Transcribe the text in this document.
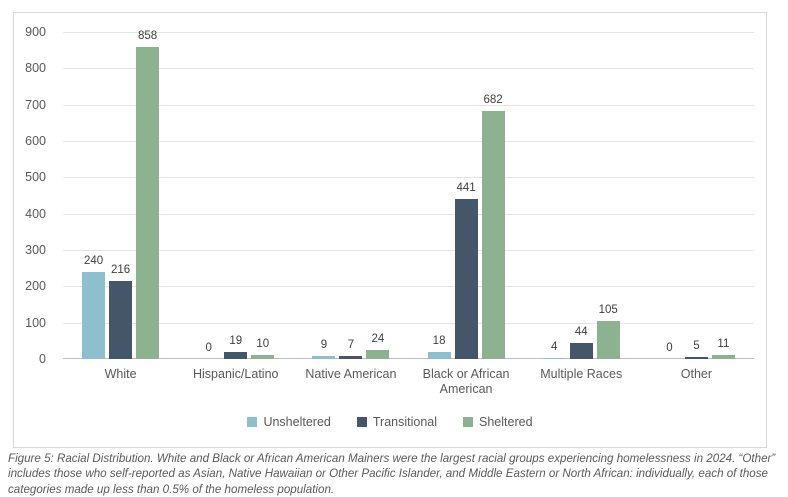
0
100
200
300
400
500
600
700
800
900
240
216
858
White
0
19	10
Hispanic/Latino
9	7	24
Native American
18
441
682
Black or African American
4
44
105
Multiple Races
0	5	11
Other
Unsheltered	Transitional	Sheltered

Figure 5: Racial Distribution. White and Black or African American Mainers were the largest racial groups experiencing homelessness in 2024. “Other” includes those who self-reported as Asian, Native Hawaiian or Other Pacific Islander, and Middle Eastern or North African: individually, each of those categories made up less than 0.5% of the homeless population.
